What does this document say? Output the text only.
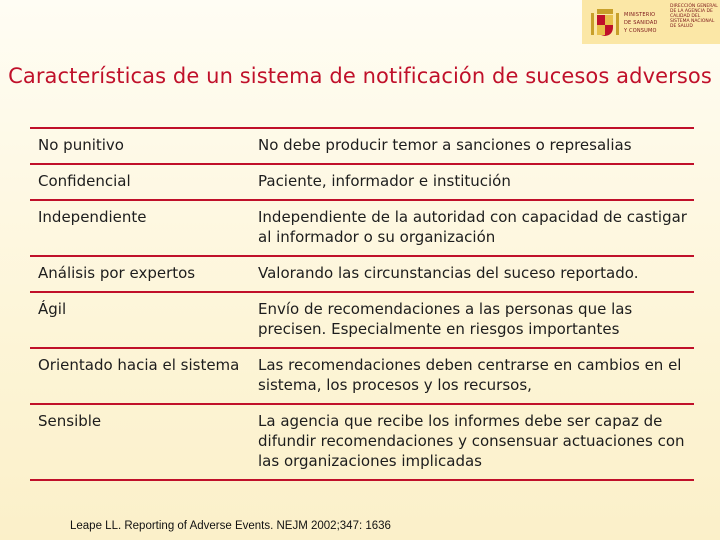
MINISTERIO
DE SANIDAD
Y CONSUMO
DIRECCIÓN GENERAL DE LA AGENCIA DE CALIDAD DEL SISTEMA NACIONAL DE SALUD
Características de un sistema de notificación de sucesos adversos
No punitivo	No debe producir temor a sanciones o represalias
Confidencial	Paciente, informador e institución
Independiente	Independiente de la autoridad con capacidad de castigar al informador o su organización
Análisis por expertos	Valorando las circunstancias del suceso reportado.
Ágil	Envío de recomendaciones a las personas que las precisen. Especialmente en riesgos importantes
Orientado hacia el sistema	Las recomendaciones deben centrarse en cambios en el sistema, los procesos y los recursos,
Sensible	La agencia que recibe los informes debe ser capaz de difundir recomendaciones y consensuar actuaciones con las organizaciones implicadas
Leape LL. Reporting of Adverse Events. NEJM 2002;347: 1636
